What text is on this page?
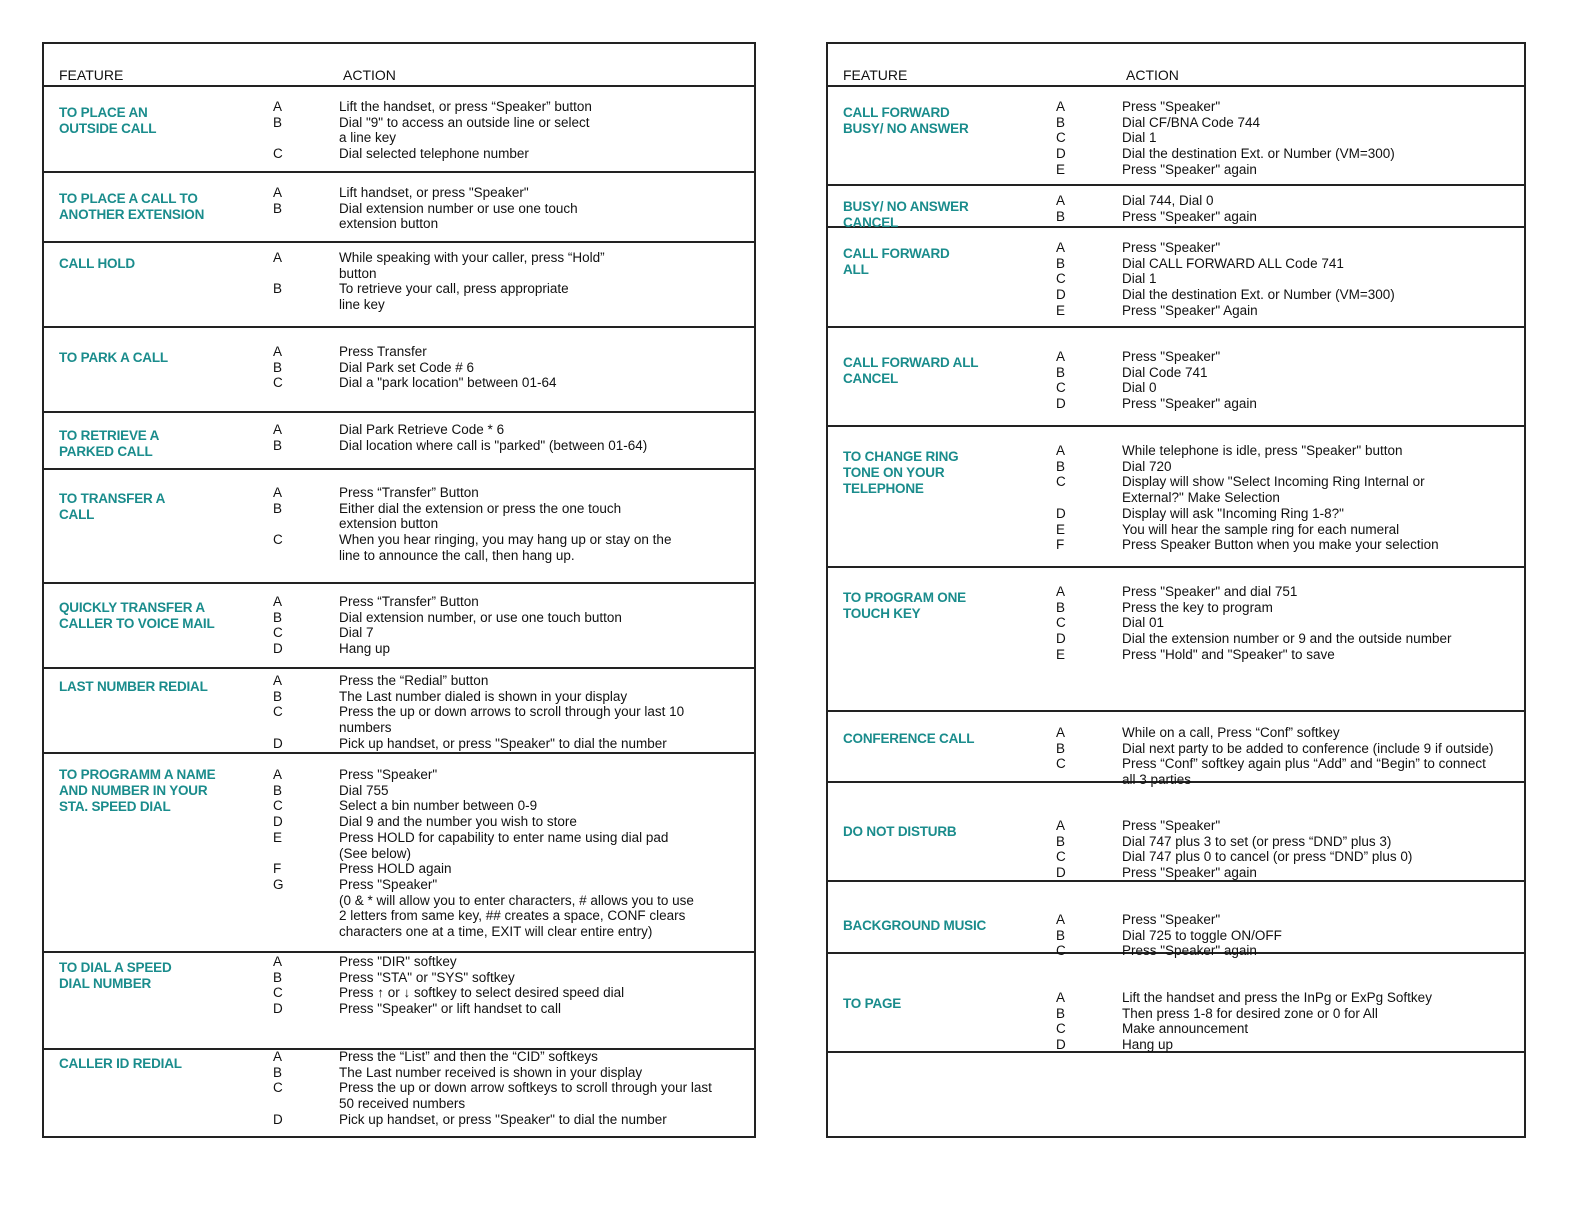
FEATURE	ACTION
TO PLACE AN
OUTSIDE CALL
A	Lift the handset, or press “Speaker” button
B	Dial "9" to access an outside line or select
a line key
C	Dial selected telephone number
TO PLACE A CALL TO
ANOTHER EXTENSION
A	Lift handset, or press "Speaker"
B	Dial extension number or use one touch
extension button
CALL HOLD	A	While speaking with your caller, press “Hold”
button
B	To retrieve your call, press appropriate
line key
TO PARK A CALL	A	Press Transfer
B	Dial Park set Code # 6
C	Dial a "park location" between 01-64
TO RETRIEVE A
PARKED CALL
A	Dial Park Retrieve Code * 6
B	Dial location where call is "parked" (between 01-64)
TO TRANSFER A
CALL
A	Press “Transfer” Button
B	Either dial the extension or press the one touch
extension button
C	When you hear ringing, you may hang up or stay on the
line to announce the call, then hang up.
QUICKLY TRANSFER A
CALLER TO VOICE MAIL
A	Press “Transfer” Button
B	Dial extension number, or use one touch button
C	Dial 7
D	Hang up
LAST NUMBER REDIAL	A	Press the “Redial” button
B	The Last number dialed is shown in your display
C	Press the up or down arrows to scroll through your last 10
numbers
D	Pick up handset, or press "Speaker" to dial the number
TO PROGRAMM A NAME
AND NUMBER IN YOUR
STA. SPEED DIAL
A	Press "Speaker"
B	Dial 755
C	Select a bin number between 0-9
D	Dial 9 and the number you wish to store
E	Press HOLD for capability to enter name using dial pad
(See below)
F	Press HOLD again
G	Press "Speaker"
(0 & * will allow you to enter characters, # allows you to use
2 letters from same key, ## creates a space, CONF clears
characters one at a time, EXIT will clear entire entry)
TO DIAL A SPEED
DIAL NUMBER
A	Press "DIR" softkey
B	Press "STA" or "SYS" softkey
C	Press ↑ or ↓ softkey to select desired speed dial
D	Press "Speaker" or lift handset to call
CALLER ID REDIAL	A	Press the “List” and then the “CID” softkeys
B	The Last number received is shown in your display
C	Press the up or down arrow softkeys to scroll through your last
50 received numbers
D	Pick up handset, or press "Speaker" to dial the number
FEATURE	ACTION
CALL FORWARD
BUSY/ NO ANSWER
A	Press "Speaker"
B	Dial CF/BNA Code 744
C	Dial 1
D	Dial the destination Ext. or Number (VM=300)
E	Press "Speaker" again
BUSY/ NO ANSWER
CANCEL
A	Dial 744, Dial 0
B	Press "Speaker" again
CALL FORWARD
ALL
A	Press "Speaker"
B	Dial CALL FORWARD ALL Code 741
C	Dial 1
D	Dial the destination Ext. or Number (VM=300)
E	Press "Speaker" Again
CALL FORWARD ALL
CANCEL
A	Press "Speaker"
B	Dial Code 741
C	Dial 0
D	Press "Speaker" again
TO CHANGE RING
TONE ON YOUR
TELEPHONE
A	While telephone is idle, press "Speaker" button
B	Dial 720
C	Display will show "Select Incoming Ring Internal or
External?" Make Selection
D	Display will ask "Incoming Ring 1-8?"
E	You will hear the sample ring for each numeral
F	Press Speaker Button when you make your selection
TO PROGRAM ONE
TOUCH KEY
A	Press "Speaker" and dial 751
B	Press the key to program
C	Dial 01
D	Dial the extension number or 9 and the outside number
E	Press "Hold" and "Speaker" to save
CONFERENCE CALL	A	While on a call, Press “Conf” softkey
B	Dial next party to be added to conference (include 9 if outside)
C	Press “Conf” softkey again plus “Add” and “Begin” to connect
all 3 parties
DO NOT DISTURB	A	Press "Speaker"
B	Dial 747 plus 3 to set (or press “DND” plus 3)
C	Dial 747 plus 0 to cancel (or press “DND” plus 0)
D	Press "Speaker" again
BACKGROUND MUSIC	A	Press "Speaker"
B	Dial 725 to toggle ON/OFF
C	Press "Speaker" again
TO PAGE	A	Lift the handset and press the InPg or ExPg Softkey
B	Then press 1-8 for desired zone or 0 for All
C	Make announcement
D	Hang up
